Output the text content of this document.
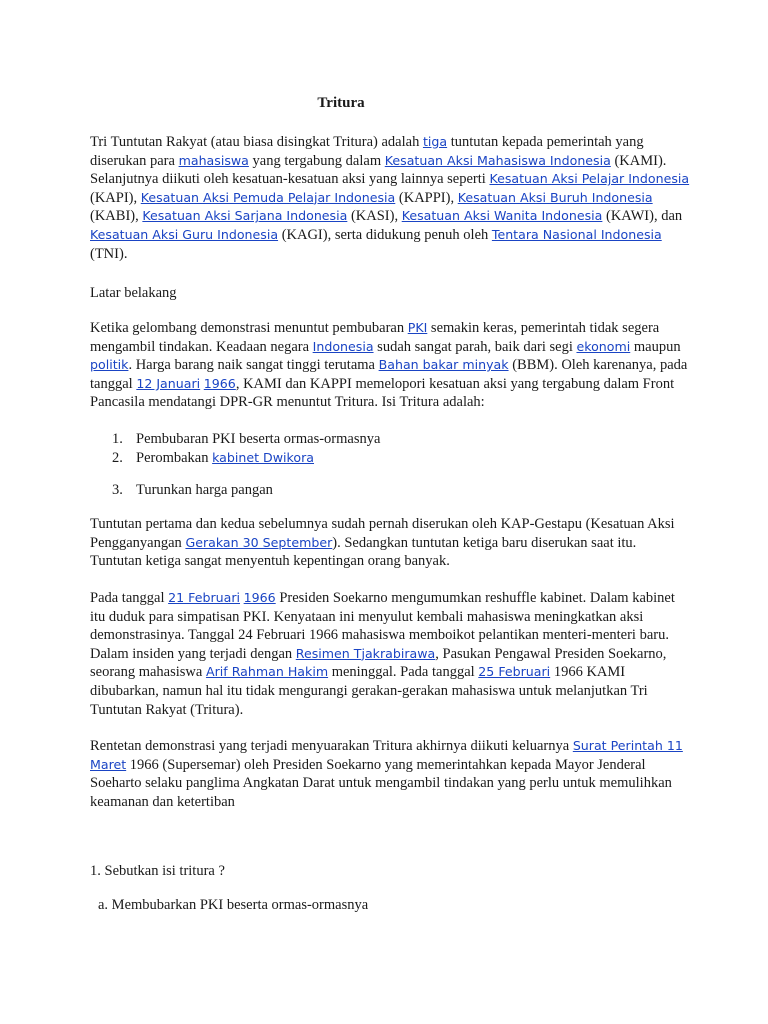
Tritura

Tri Tuntutan Rakyat (atau biasa disingkat Tritura) adalah tiga tuntutan kepada pemerintah yang diserukan para mahasiswa yang tergabung dalam Kesatuan Aksi Mahasiswa Indonesia (KAMI). Selanjutnya diikuti oleh kesatuan-kesatuan aksi yang lainnya seperti Kesatuan Aksi Pelajar Indonesia (KAPI), Kesatuan Aksi Pemuda Pelajar Indonesia (KAPPI), Kesatuan Aksi Buruh Indonesia (KABI), Kesatuan Aksi Sarjana Indonesia (KASI), Kesatuan Aksi Wanita Indonesia (KAWI), dan Kesatuan Aksi Guru Indonesia (KAGI), serta didukung penuh oleh Tentara Nasional Indonesia (TNI).

Latar belakang

Ketika gelombang demonstrasi menuntut pembubaran PKI semakin keras, pemerintah tidak segera mengambil tindakan. Keadaan negara Indonesia sudah sangat parah, baik dari segi ekonomi maupun politik. Harga barang naik sangat tinggi terutama Bahan bakar minyak (BBM). Oleh karenanya, pada tanggal 12 Januari 1966, KAMI dan KAPPI memelopori kesatuan aksi yang tergabung dalam Front Pancasila mendatangi DPR-GR menuntut Tritura. Isi Tritura adalah:

1. Pembubaran PKI beserta ormas-ormasnya
2. Perombakan kabinet Dwikora
3. Turunkan harga pangan

Tuntutan pertama dan kedua sebelumnya sudah pernah diserukan oleh KAP-Gestapu (Kesatuan Aksi Pengganyangan Gerakan 30 September). Sedangkan tuntutan ketiga baru diserukan saat itu. Tuntutan ketiga sangat menyentuh kepentingan orang banyak.

Pada tanggal 21 Februari 1966 Presiden Soekarno mengumumkan reshuffle kabinet. Dalam kabinet itu duduk para simpatisan PKI. Kenyataan ini menyulut kembali mahasiswa meningkatkan aksi demonstrasinya. Tanggal 24 Februari 1966 mahasiswa memboikot pelantikan menteri-menteri baru. Dalam insiden yang terjadi dengan Resimen Tjakrabirawa, Pasukan Pengawal Presiden Soekarno, seorang mahasiswa Arif Rahman Hakim meninggal. Pada tanggal 25 Februari 1966 KAMI dibubarkan, namun hal itu tidak mengurangi gerakan-gerakan mahasiswa untuk melanjutkan Tri Tuntutan Rakyat (Tritura).

Rentetan demonstrasi yang terjadi menyuarakan Tritura akhirnya diikuti keluarnya Surat Perintah 11 Maret 1966 (Supersemar) oleh Presiden Soekarno yang memerintahkan kepada Mayor Jenderal Soeharto selaku panglima Angkatan Darat untuk mengambil tindakan yang perlu untuk memulihkan keamanan dan ketertiban

1. Sebutkan isi tritura ?
a. Membubarkan PKI beserta ormas-ormasnya
